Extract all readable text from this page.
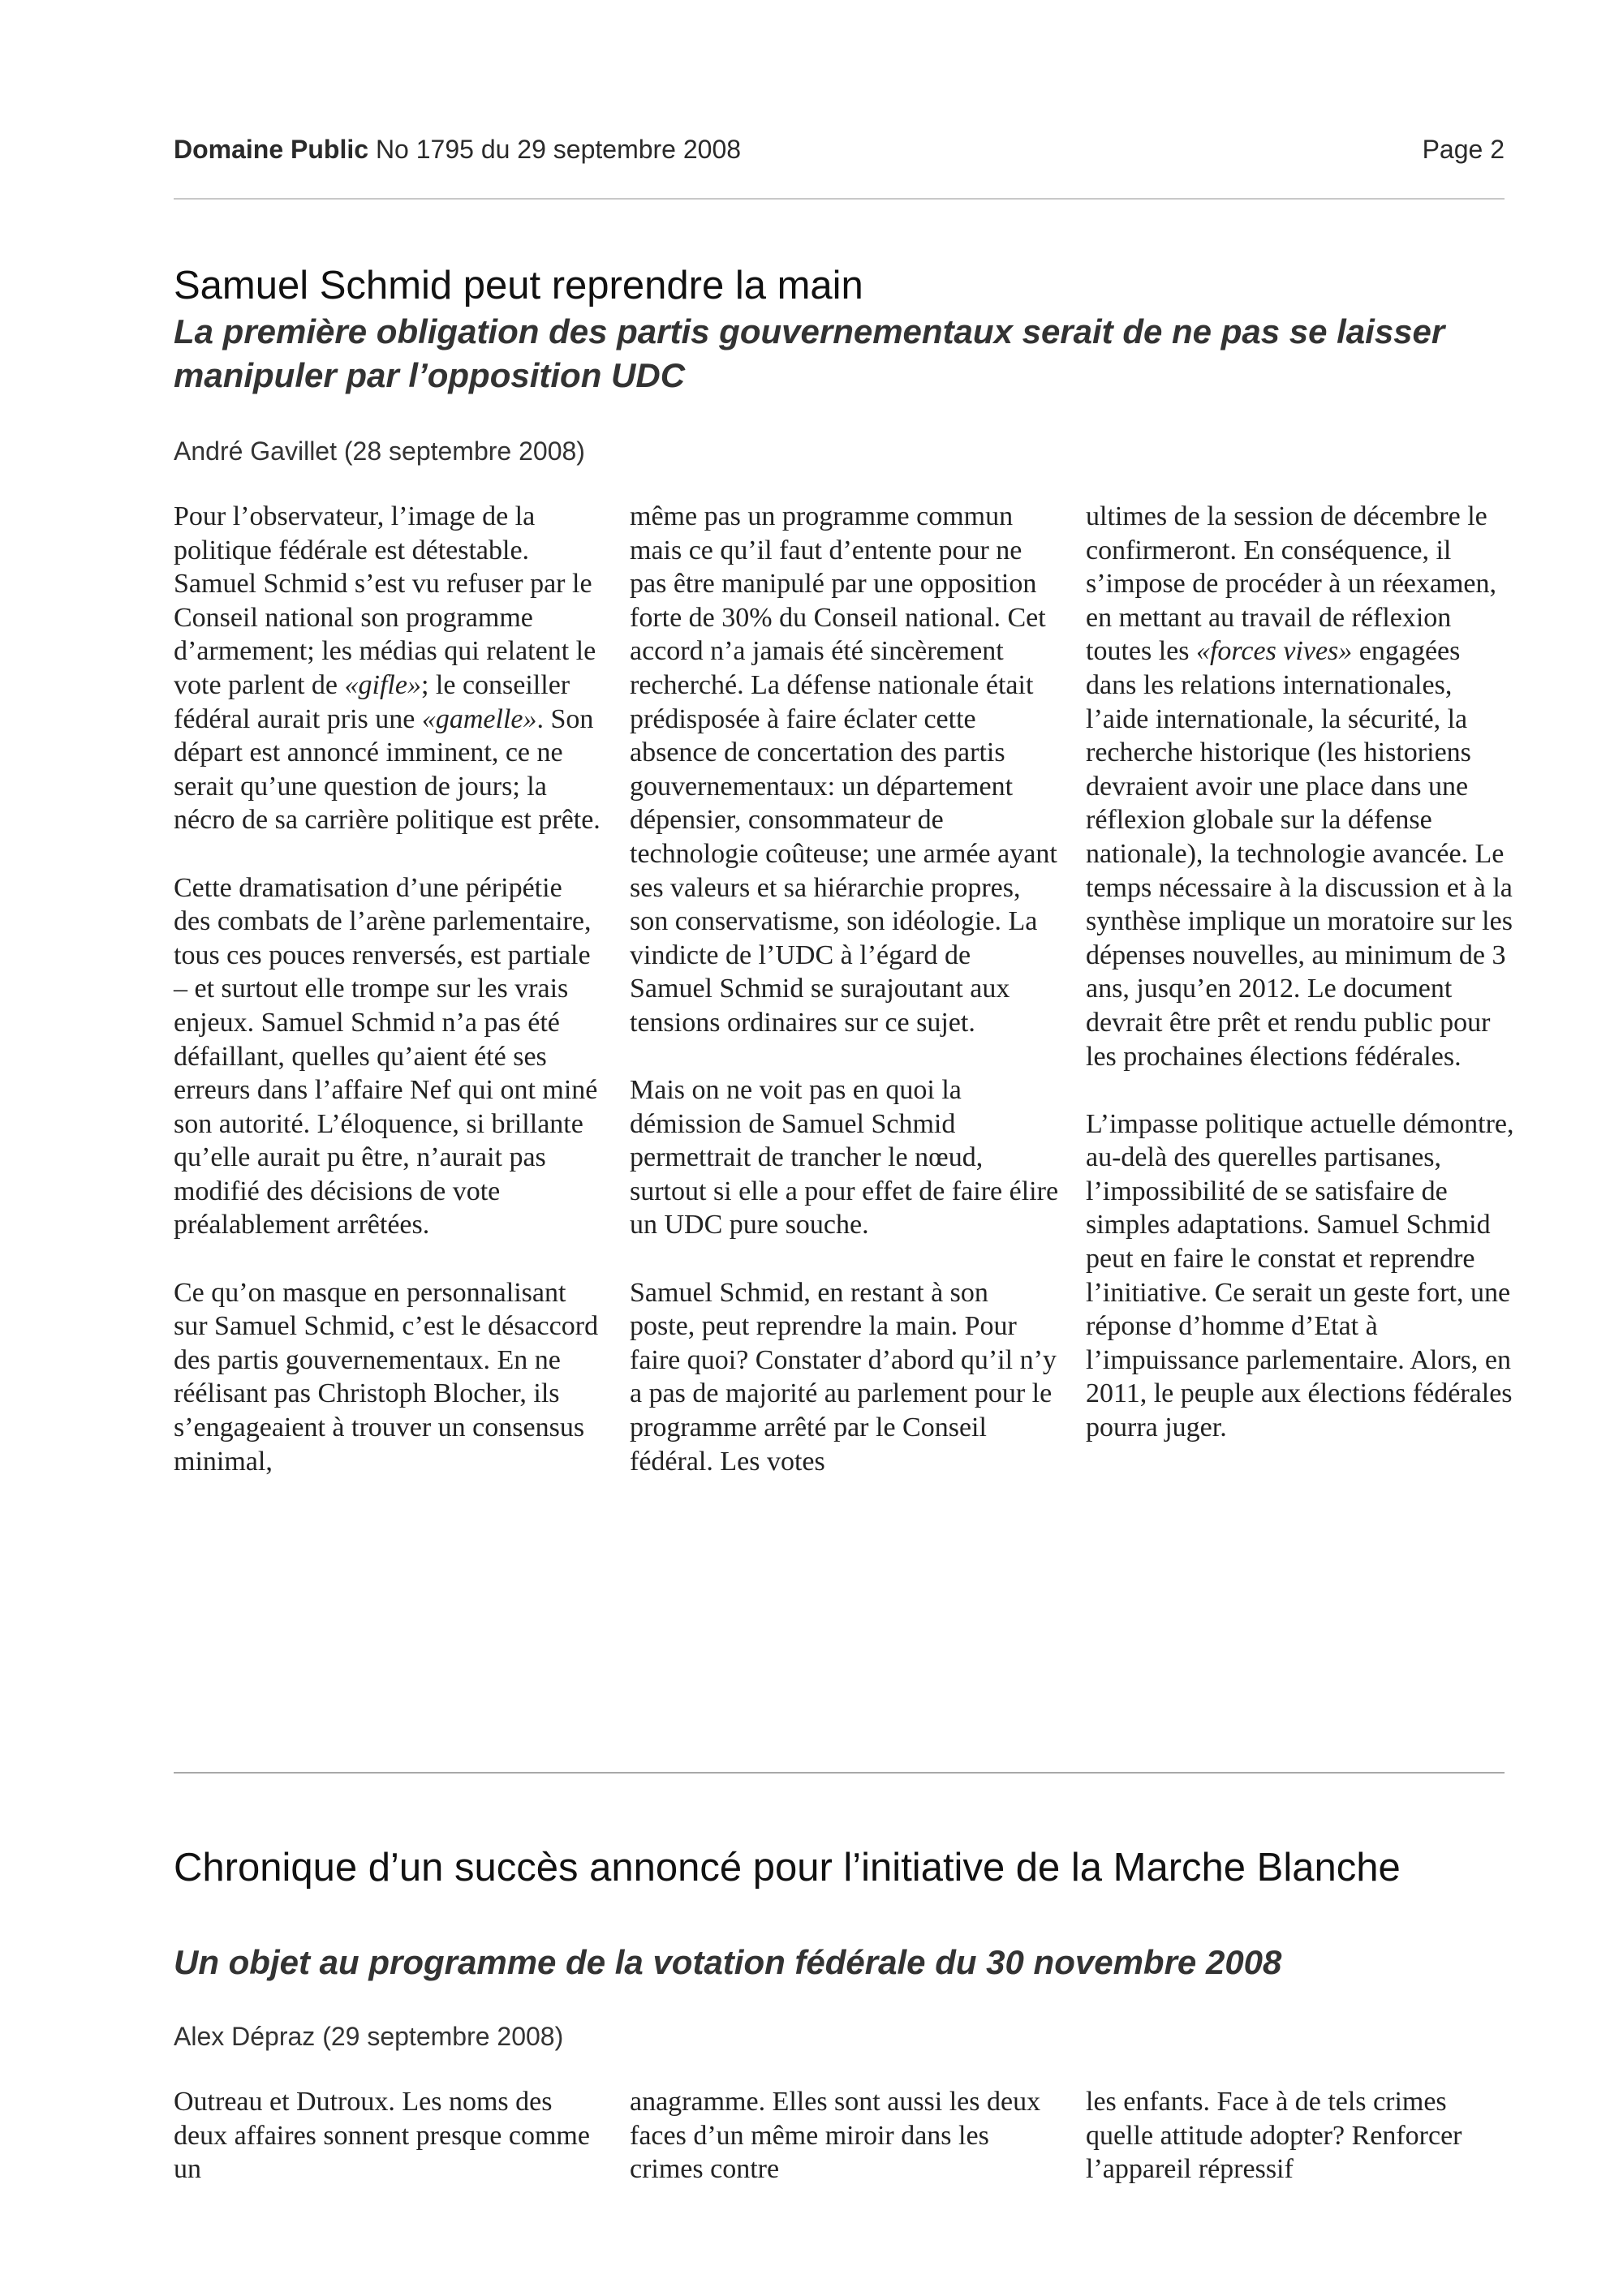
Domaine Public No 1795 du 29 septembre 2008	Page 2
Samuel Schmid peut reprendre la main
La première obligation des partis gouvernementaux serait de ne pas se laisser manipuler par l’opposition UDC
André Gavillet (28 septembre 2008)

Pour l’observateur, l’image de la politique fédérale est détestable. Samuel Schmid s’est vu refuser par le Conseil national son programme d’armement; les médias qui relatent le vote parlent de «gifle»; le conseiller fédéral aurait pris une «gamelle». Son départ est annoncé imminent, ce ne serait qu’une question de jours; la nécro de sa carrière politique est prête.

Cette dramatisation d’une péripétie des combats de l’arène parlementaire, tous ces pouces renversés, est partiale – et surtout elle trompe sur les vrais enjeux. Samuel Schmid n’a pas été défaillant, quelles qu’aient été ses erreurs dans l’affaire Nef qui ont miné son autorité. L’éloquence, si brillante qu’elle aurait pu être, n’aurait pas modifié des décisions de vote préalablement arrêtées.

Ce qu’on masque en personnalisant sur Samuel Schmid, c’est le désaccord des partis gouvernementaux. En ne réélisant pas Christoph Blocher, ils s’engageaient à trouver un consensus minimal,

même pas un programme commun mais ce qu’il faut d’entente pour ne pas être manipulé par une opposition forte de 30% du Conseil national. Cet accord n’a jamais été sincèrement recherché. La défense nationale était prédisposée à faire éclater cette absence de concertation des partis gouvernementaux: un département dépensier, consommateur de technologie coûteuse; une armée ayant ses valeurs et sa hiérarchie propres, son conservatisme, son idéologie. La vindicte de l’UDC à l’égard de Samuel Schmid se surajoutant aux tensions ordinaires sur ce sujet.

Mais on ne voit pas en quoi la démission de Samuel Schmid permettrait de trancher le nœud, surtout si elle a pour effet de faire élire un UDC pure souche.

Samuel Schmid, en restant à son poste, peut reprendre la main. Pour faire quoi? Constater d’abord qu’il n’y a pas de majorité au parlement pour le programme arrêté par le Conseil fédéral. Les votes

ultimes de la session de décembre le confirmeront. En conséquence, il s’impose de procéder à un réexamen, en mettant au travail de réflexion toutes les «forces vives» engagées dans les relations internationales, l’aide internationale, la sécurité, la recherche historique (les historiens devraient avoir une place dans une réflexion globale sur la défense nationale), la technologie avancée. Le temps nécessaire à la discussion et à la synthèse implique un moratoire sur les dépenses nouvelles, au minimum de 3 ans, jusqu’en 2012. Le document devrait être prêt et rendu public pour les prochaines élections fédérales.

L’impasse politique actuelle démontre, au-delà des querelles partisanes, l’impossibilité de se satisfaire de simples adaptations. Samuel Schmid peut en faire le constat et reprendre l’initiative. Ce serait un geste fort, une réponse d’homme d’Etat à l’impuissance parlementaire. Alors, en 2011, le peuple aux élections fédérales pourra juger.

Chronique d’un succès annoncé pour l’initiative de la Marche Blanche
Un objet au programme de la votation fédérale du 30 novembre 2008
Alex Dépraz (29 septembre 2008)

Outreau et Dutroux. Les noms des deux affaires sonnent presque comme un

anagramme. Elles sont aussi les deux faces d’un même miroir dans les crimes contre

les enfants. Face à de tels crimes quelle attitude adopter? Renforcer l’appareil répressif
